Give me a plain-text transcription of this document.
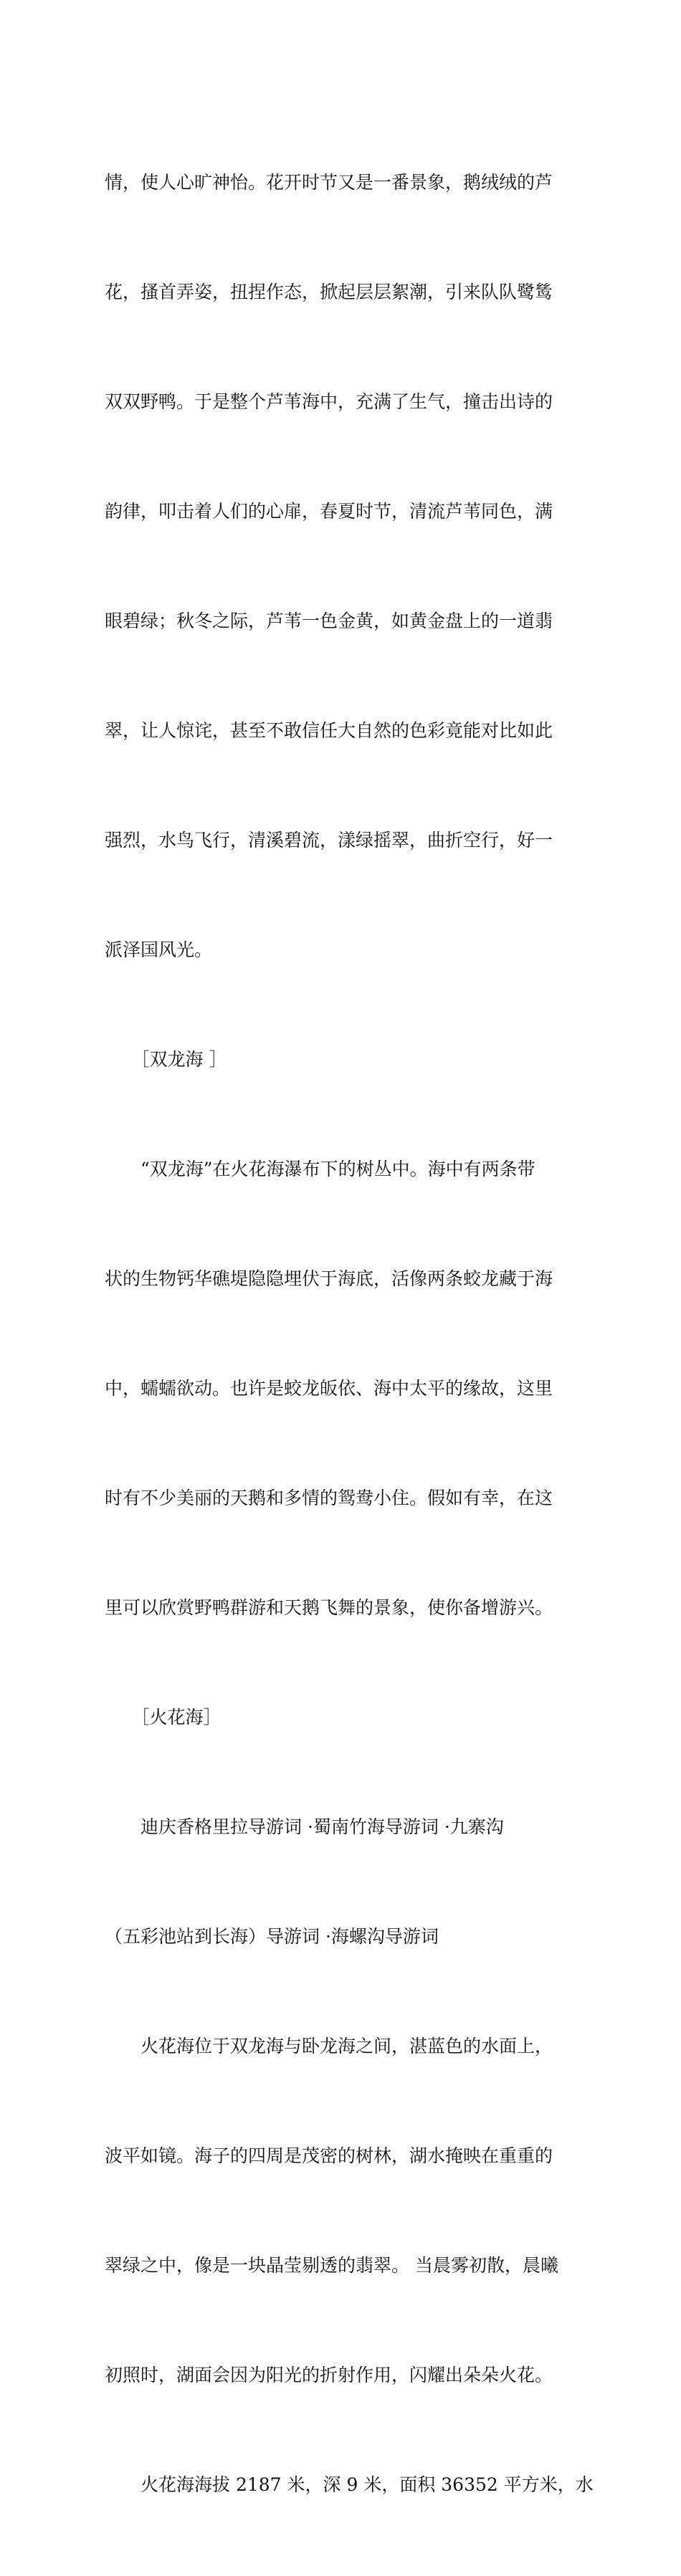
情，使人心旷神怡。花开时节又是一番景象，鹅绒绒的芦

花，搔首弄姿，扭捏作态，掀起层层絮潮，引来队队鹭鸶

双双野鸭。于是整个芦苇海中，充满了生气，撞击出诗的

韵律，叩击着人们的心扉，春夏时节，清流芦苇同色，满

眼碧绿；秋冬之际，芦苇一色金黄，如黄金盘上的一道翡

翠，让人惊诧，甚至不敢信任大自然的色彩竟能对比如此

强烈，水鸟飞行，清溪碧流，漾绿摇翠，曲折空行，好一

派泽国风光。

　　［双龙海 ］

　　“双龙海”在火花海瀑布下的树丛中。海中有两条带

状的生物钙华礁堤隐隐埋伏于海底，活像两条蛟龙藏于海

中，蠕蠕欲动。也许是蛟龙皈依、海中太平的缘故，这里

时有不少美丽的天鹅和多情的鸳鸯小住。假如有幸，在这

里可以欣赏野鸭群游和天鹅飞舞的景象，使你备增游兴。

　　［火花海］

　　迪庆香格里拉导游词 ·蜀南竹海导游词 ·九寨沟

（五彩池站到长海）导游词 ·海螺沟导游词

　　火花海位于双龙海与卧龙海之间，湛蓝色的水面上，

波平如镜。海子的四周是茂密的树林，湖水掩映在重重的

翠绿之中，像是一块晶莹剔透的翡翠。 当晨雾初散，晨曦

初照时，湖面会因为阳光的折射作用，闪耀出朵朵火花。

　　火花海海拔 2187 米，深 9 米，面积 36352 平方米，水
